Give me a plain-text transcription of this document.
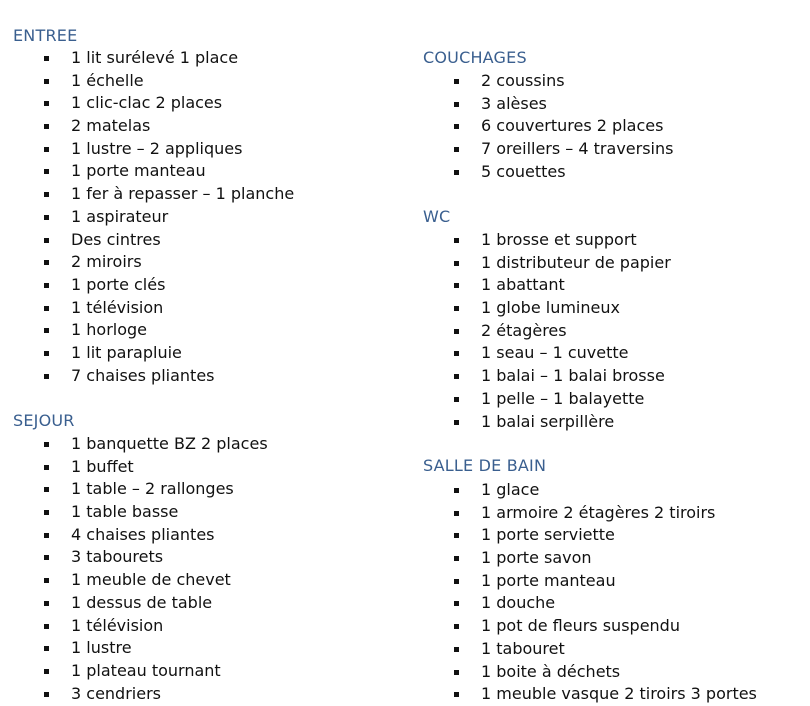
ENTREE
1 lit surélevé 1 place
1 échelle
1 clic-clac 2 places
2 matelas
1 lustre – 2 appliques
1 porte manteau
1 fer à repasser – 1 planche
1 aspirateur
Des cintres
2 miroirs
1 porte clés
1 télévision
1 horloge
1 lit parapluie
7 chaises pliantes
SEJOUR
1 banquette BZ 2 places
1 buffet
1 table – 2 rallonges
1 table basse
4 chaises pliantes
3 tabourets
1 meuble de chevet
1 dessus de table
1 télévision
1 lustre
1 plateau tournant
3 cendriers
COUCHAGES
2 coussins
3 alèses
6 couvertures 2 places
7 oreillers – 4 traversins
5 couettes
WC
1 brosse et support
1 distributeur de papier
1 abattant
1 globe lumineux
2 étagères
1 seau – 1 cuvette
1 balai – 1 balai brosse
1 pelle – 1 balayette
1 balai serpillère
SALLE DE BAIN
1 glace
1 armoire 2 étagères 2 tiroirs
1 porte serviette
1 porte savon
1 porte manteau
1 douche
1 pot de fleurs suspendu
1 tabouret
1 boite à déchets
1 meuble vasque 2 tiroirs 3 portes
